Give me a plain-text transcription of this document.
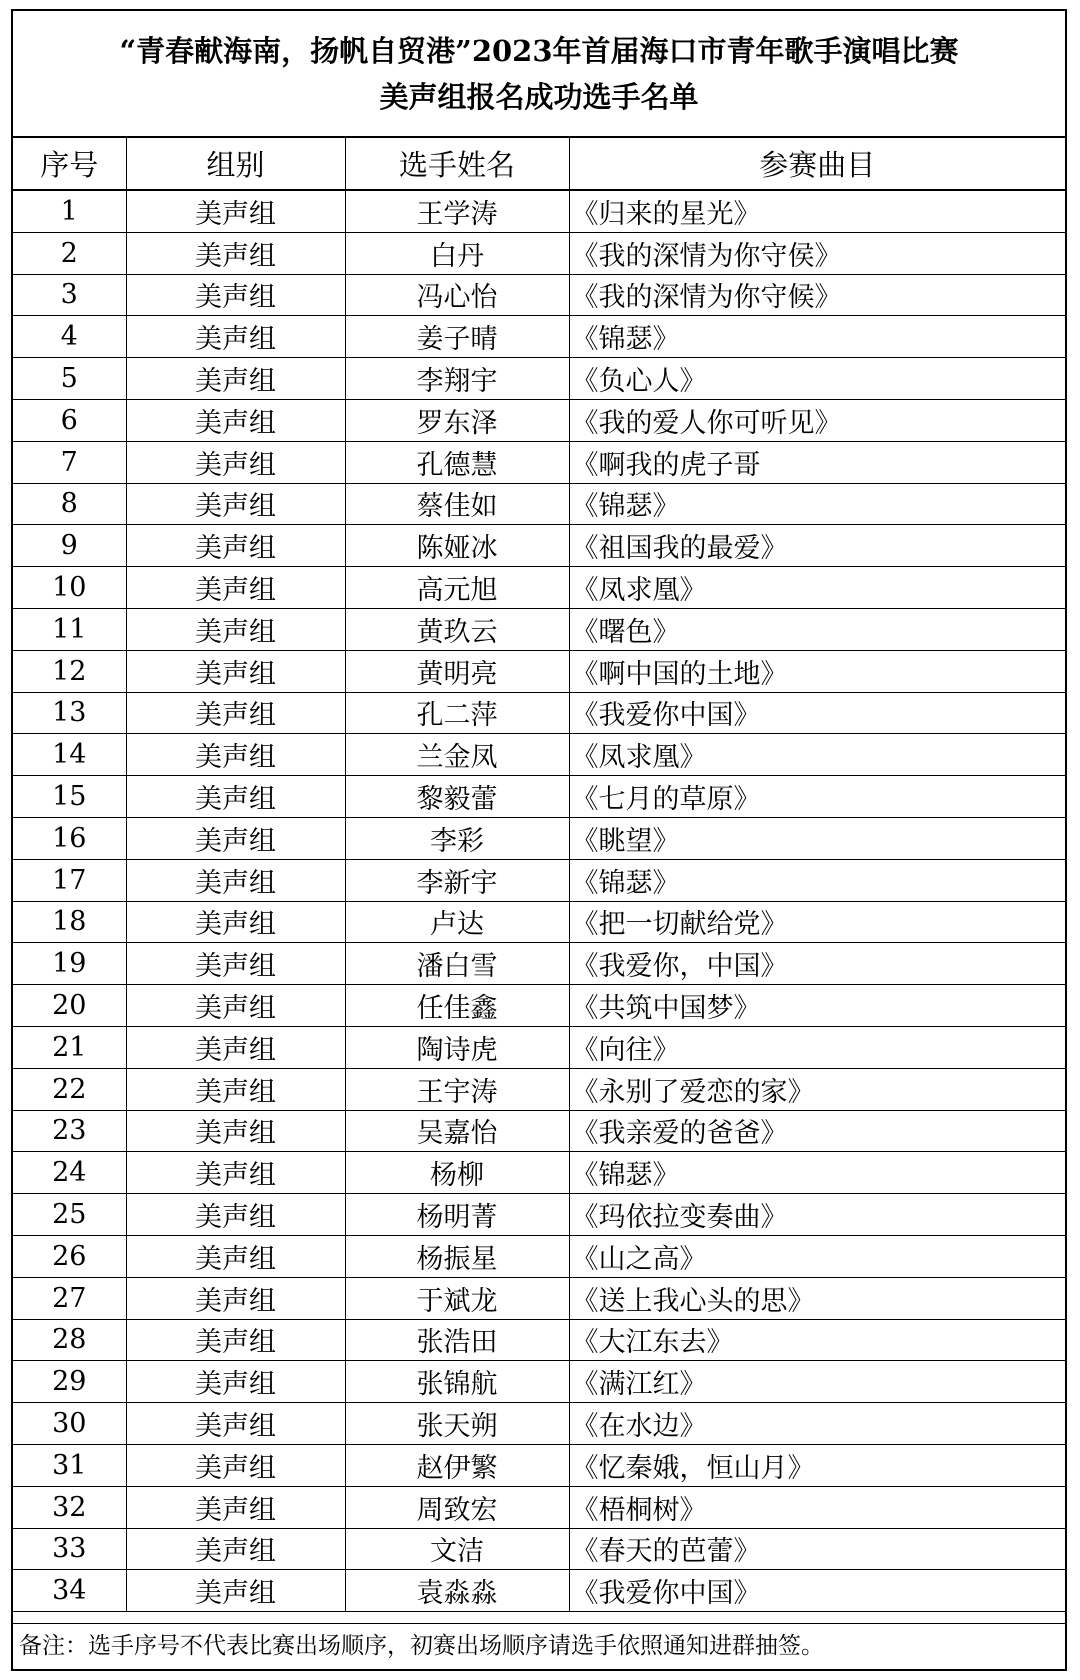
“青春献海南，扬帆自贸港”2023年首届海口市青年歌手演唱比赛
美声组报名成功选手名单
序号	组别	选手姓名	参赛曲目
1	美声组	王学涛	《归来的星光》
2	美声组	白丹	《我的深情为你守侯》
3	美声组	冯心怡	《我的深情为你守候》
4	美声组	姜子晴	《锦瑟》
5	美声组	李翔宇	《负心人》
6	美声组	罗东泽	《我的爱人你可听见》
7	美声组	孔德慧	《啊我的虎子哥
8	美声组	蔡佳如	《锦瑟》
9	美声组	陈娅冰	《祖国我的最爱》
10	美声组	高元旭	《凤求凰》
11	美声组	黄玖云	《曙色》
12	美声组	黄明亮	《啊中国的土地》
13	美声组	孔二萍	《我爱你中国》
14	美声组	兰金凤	《凤求凰》
15	美声组	黎毅蕾	《七月的草原》
16	美声组	李彩	《眺望》
17	美声组	李新宇	《锦瑟》
18	美声组	卢达	《把一切献给党》
19	美声组	潘白雪	《我爱你，中国》
20	美声组	任佳鑫	《共筑中国梦》
21	美声组	陶诗虎	《向往》
22	美声组	王宇涛	《永别了爱恋的家》
23	美声组	吴嘉怡	《我亲爱的爸爸》
24	美声组	杨柳	《锦瑟》
25	美声组	杨明菁	《玛依拉变奏曲》
26	美声组	杨振星	《山之高》
27	美声组	于斌龙	《送上我心头的思》
28	美声组	张浩田	《大江东去》
29	美声组	张锦航	《满江红》
30	美声组	张天朔	《在水边》
31	美声组	赵伊繁	《忆秦娥，恒山月》
32	美声组	周致宏	《梧桐树》
33	美声组	文洁	《春天的芭蕾》
34	美声组	袁淼淼	《我爱你中国》
备注：选手序号不代表比赛出场顺序，初赛出场顺序请选手依照通知进群抽签。
